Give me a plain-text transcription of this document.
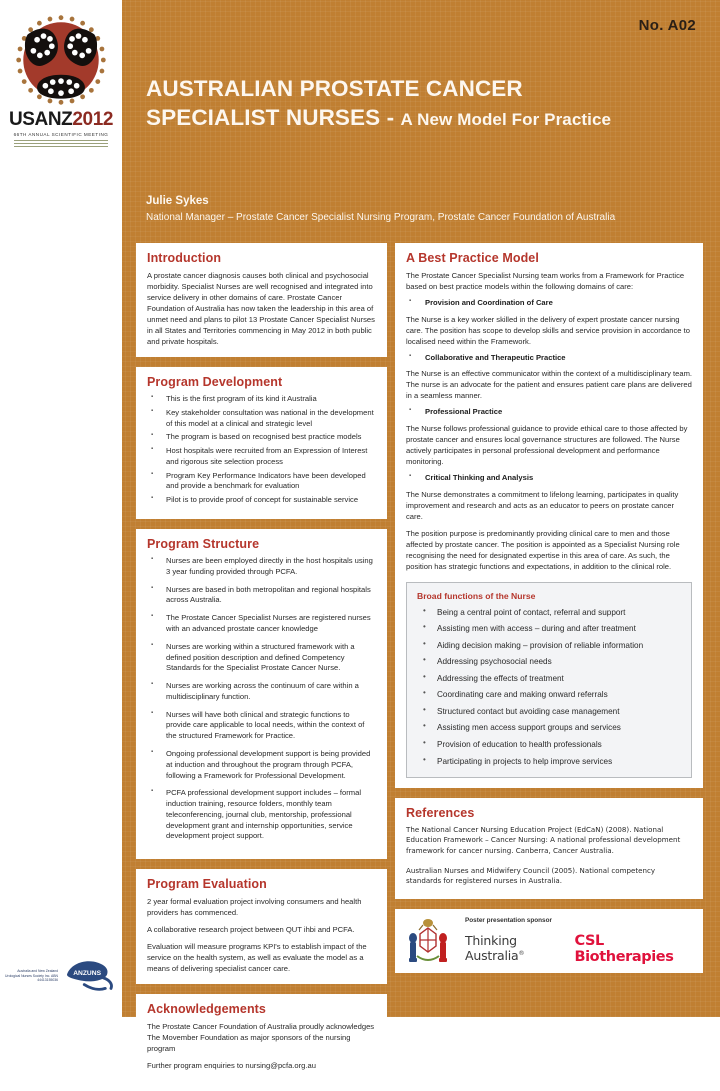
USANZ2012
66TH ANNUAL SCIENTIFIC MEETING
Australia and New Zealand Urological Nurses Society Inc. ABN 44413155036
ANZUNS
No. A02
AUSTRALIAN PROSTATE CANCER
SPECIALIST NURSES - A New Model For Practice
Julie Sykes
National Manager – Prostate Cancer Specialist Nursing Program, Prostate Cancer Foundation of Australia
Introduction

A prostate cancer diagnosis causes both clinical and psychosocial morbidity. Specialist Nurses are well recognised and integrated into service delivery in other domains of care. Prostate Cancer Foundation of Australia has now taken the leadership in this area of unmet need and plans to pilot 13 Prostate Cancer Specialist Nurses in all States and Territories commencing in May 2012 in both public and private hospitals.

Program Development
▪ This is the first program of its kind it Australia
▪ Key stakeholder consultation was national in the development of this model at a clinical and strategic level
▪ The program is based on recognised best practice models
▪ Host hospitals were recruited from an Expression of Interest and rigorous site selection process
▪ Program Key Performance Indicators have been developed and provide a benchmark for evaluation
▪ Pilot is to provide proof of concept for sustainable service
Program Structure
▪ Nurses are been employed directly in the host hospitals using 3 year funding provided through PCFA.
▪ Nurses are based in both metropolitan and regional hospitals across Australia.
▪ The Prostate Cancer Specialist Nurses are registered nurses with an advanced prostate cancer knowledge
▪ Nurses are working within a structured framework with a defined position description and defined Competency Standards for the Specialist Prostate Cancer Nurse.
▪ Nurses are working across the continuum of care within a multidisciplinary function.
▪ Nurses will have both clinical and strategic functions to provide care applicable to local needs, within the context of the structured Framework for Practice.
▪ Ongoing professional development support is being provided at induction and throughout the program through PCFA, following a Framework for Professional Development.
▪ PCFA professional development support includes – formal induction training, resource folders, monthly team teleconferencing, journal club, mentorship, professional development grant and internship opportunities, service development project support.
Program Evaluation

2 year formal evaluation project involving consumers and health providers has commenced.

A collaborative research project between QUT ihbi and PCFA.

Evaluation will measure programs KPI's to establish impact of the service on the health system, as well as evaluate the model as a means of delivering specialist cancer care.

Acknowledgements

The Prostate Cancer Foundation of Australia proudly acknowledges The Movember Foundation as major sponsors of the nursing program

Further program enquiries to nursing@pcfa.org.au

A Best Practice Model

The Prostate Cancer Specialist Nursing team works from a Framework for Practice based on best practice models within the following domains of care:

▪ Provision and Coordination of Care

The Nurse is a key worker skilled in the delivery of expert prostate cancer nursing care. The position has scope to develop skills and service provision in accordance to localised need within the Framework.

▪ Collaborative and Therapeutic Practice

The Nurse is an effective communicator within the context of a multidisciplinary team. The nurse is an advocate for the patient and ensures patient care plans are delivered in a seamless manner.

▪ Professional Practice

The Nurse follows professional guidance to provide ethical care to those affected by prostate cancer and ensures local governance structures are followed. The Nurse actively participates in personal professional development and performance monitoring.

▪ Critical Thinking and Analysis

The Nurse demonstrates a commitment to lifelong learning, participates in quality improvement and research and acts as an educator to peers on prostate cancer care.

The position purpose is predominantly providing clinical care to men and those affected by prostate cancer. The position is appointed as a Specialist Nursing role recognising the need for designated expertise in this area of care. As such, the position has strategic functions and expectations, in addition to the clinical role.

Broad functions of the Nurse
• Being a central point of contact, referral and support
• Assisting men with access – during and after treatment
• Aiding decision making – provision of reliable information
• Addressing psychosocial needs
• Addressing the effects of treatment
• Coordinating care and making onward referrals
• Structured contact but avoiding case management
• Assisting men access support groups and services
• Provision of education to health professionals
• Participating in projects to help improve services
References

The National Cancer Nursing Education Project (EdCaN) (2008). National Education Framework – Cancer Nursing: A national professional development framework for cancer nursing. Canberra, Cancer Australia.

Australian Nurses and Midwifery Council (2005). National competency standards for registered nurses in Australia.

Poster presentation sponsor
Thinking Australia®
CSL Biotherapies
